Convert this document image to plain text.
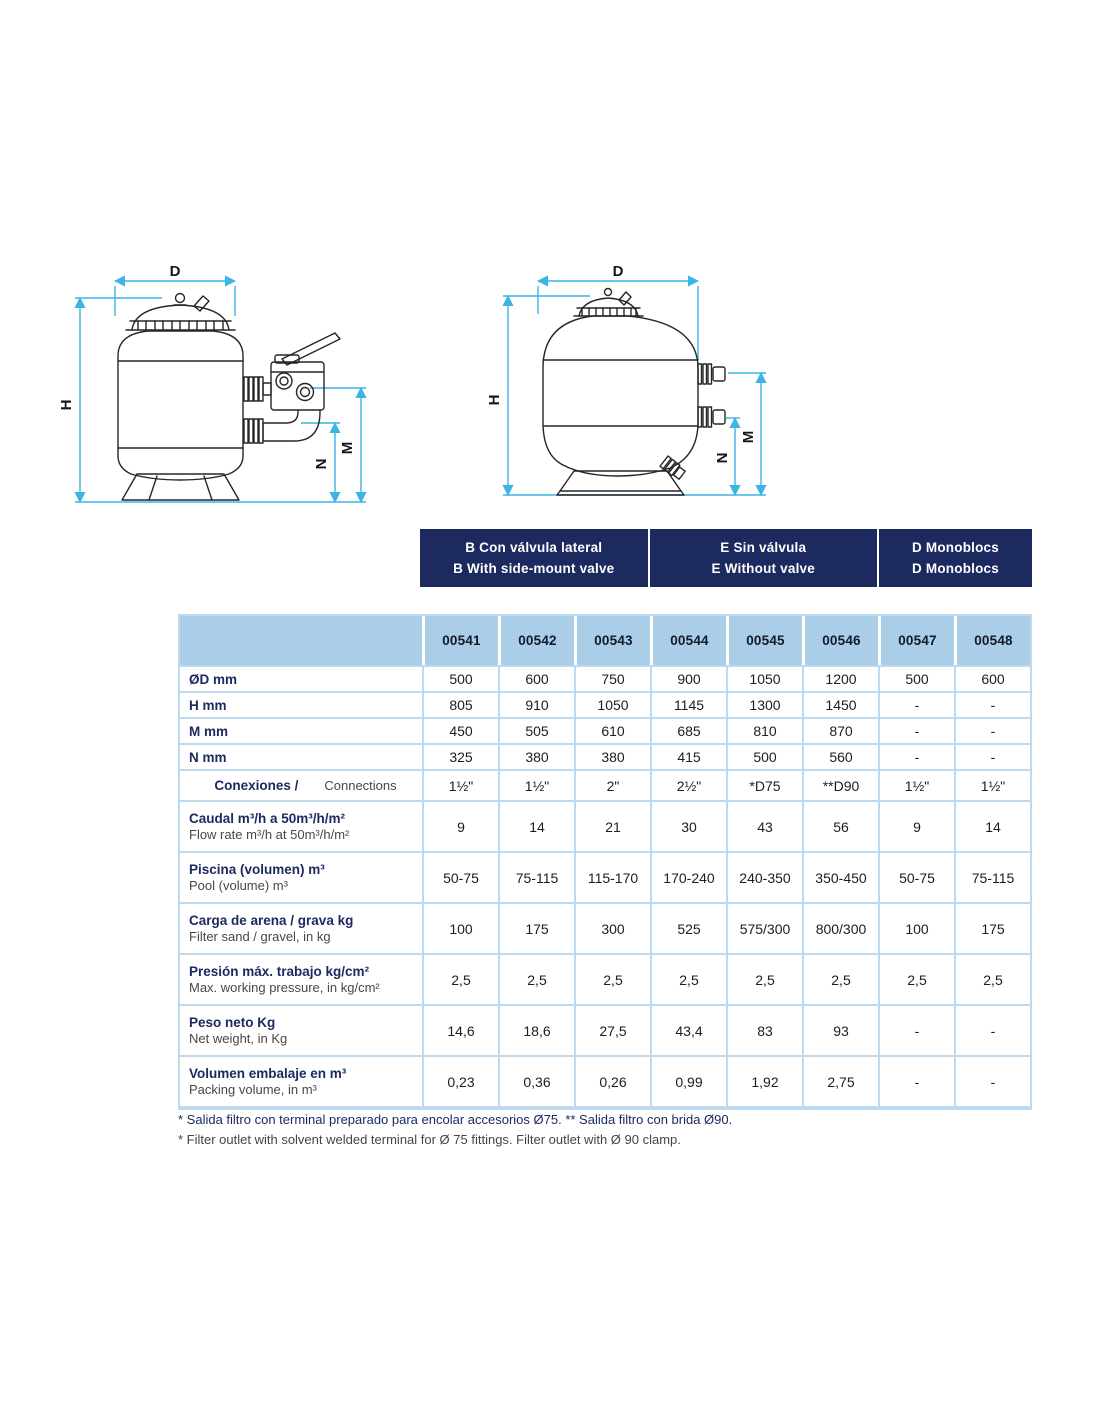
D
H
M
N
D
H
M
N
B Con válvula lateral
B With side-mount valve
E Sin válvula
E Without valve
D Monoblocs
D Monoblocs
00541	00542	00543	00544	00545	00546	00547	00548
ØD mm	500	600	750	900	1050	1200	500	600
H mm	805	910	1050	1145	1300	1450	-	-
M mm	450	505	610	685	810	870	-	-
N mm	325	380	380	415	500	560	-	-
Conexiones / Connections	1½"	1½"	2"	2½"	*D75	**D90	1½"	1½"
Caudal m³/h a 50m³/h/m²
Flow rate m³/h at 50m³/h/m²	9	14	21	30	43	56	9	14
Piscina (volumen) m³
Pool (volume) m³	50-75	75-115	115-170	170-240	240-350	350-450	50-75	75-115
Carga de arena / grava kg
Filter sand / gravel, in kg	100	175	300	525	575/300	800/300	100	175
Presión máx. trabajo kg/cm²
Max. working pressure, in kg/cm²	2,5	2,5	2,5	2,5	2,5	2,5	2,5	2,5
Peso neto Kg
Net weight, in Kg	14,6	18,6	27,5	43,4	83	93	-	-
Volumen embalaje en m³
Packing volume, in m³	0,23	0,36	0,26	0,99	1,92	2,75	-	-
* Salida filtro con terminal preparado para encolar accesorios Ø75. ** Salida filtro con brida Ø90.
* Filter outlet with solvent welded terminal for Ø 75 fittings. Filter outlet with Ø 90 clamp.
